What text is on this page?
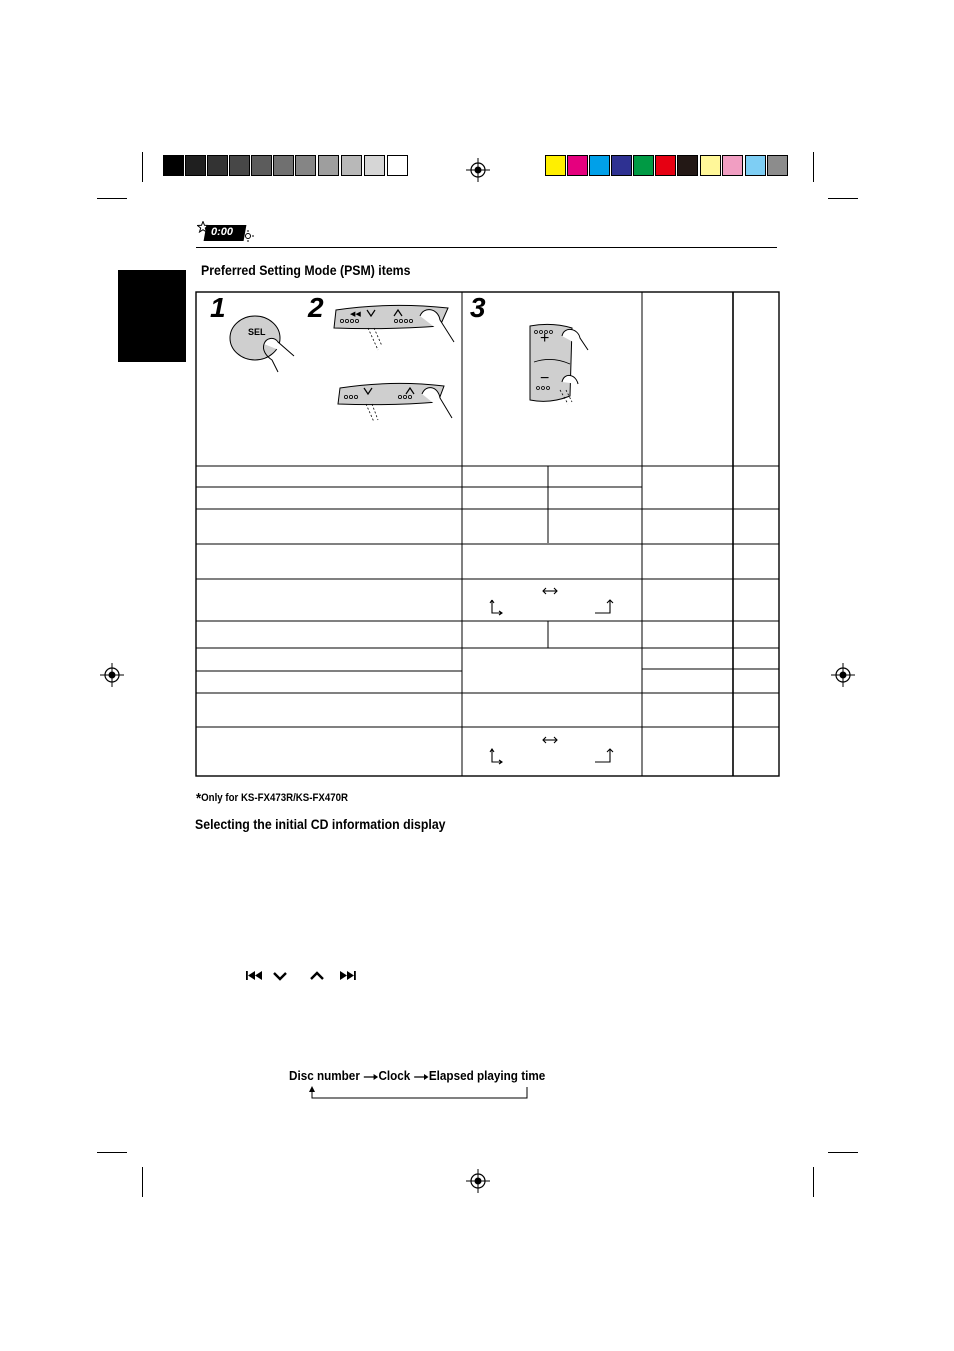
0:00
Preferred Setting Mode (PSM) items
1	2	3
SEL
◀◀
+
−
*Only for KS-FX473R/KS-FX470R
Selecting the initial CD information display
Disc number Clock Elapsed playing time
